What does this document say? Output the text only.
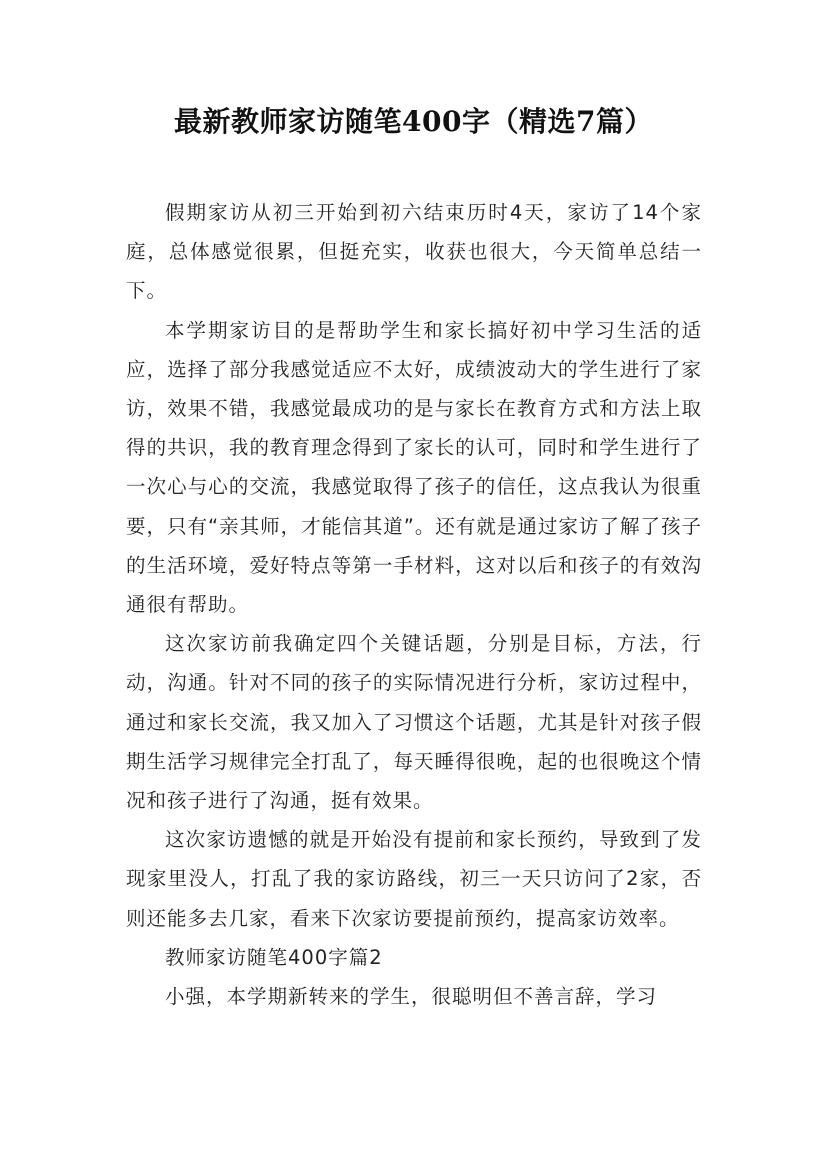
最新教师家访随笔400字（精选7篇）

假期家访从初三开始到初六结束历时4天，家访了14个家庭，总体感觉很累，但挺充实，收获也很大，今天简单总结一下。

本学期家访目的是帮助学生和家长搞好初中学习生活的适应，选择了部分我感觉适应不太好，成绩波动大的学生进行了家访，效果不错，我感觉最成功的是与家长在教育方式和方法上取得的共识，我的教育理念得到了家长的认可，同时和学生进行了一次心与心的交流，我感觉取得了孩子的信任，这点我认为很重要，只有“亲其师，才能信其道”。还有就是通过家访了解了孩子的生活环境，爱好特点等第一手材料，这对以后和孩子的有效沟通很有帮助。

这次家访前我确定四个关键话题，分别是目标，方法，行动，沟通。针对不同的孩子的实际情况进行分析，家访过程中，通过和家长交流，我又加入了习惯这个话题，尤其是针对孩子假期生活学习规律完全打乱了，每天睡得很晚，起的也很晚这个情况和孩子进行了沟通，挺有效果。

这次家访遗憾的就是开始没有提前和家长预约，导致到了发现家里没人，打乱了我的家访路线，初三一天只访问了2家，否则还能多去几家，看来下次家访要提前预约，提高家访效率。

教师家访随笔400字篇2

小强，本学期新转来的学生，很聪明但不善言辞，学习
